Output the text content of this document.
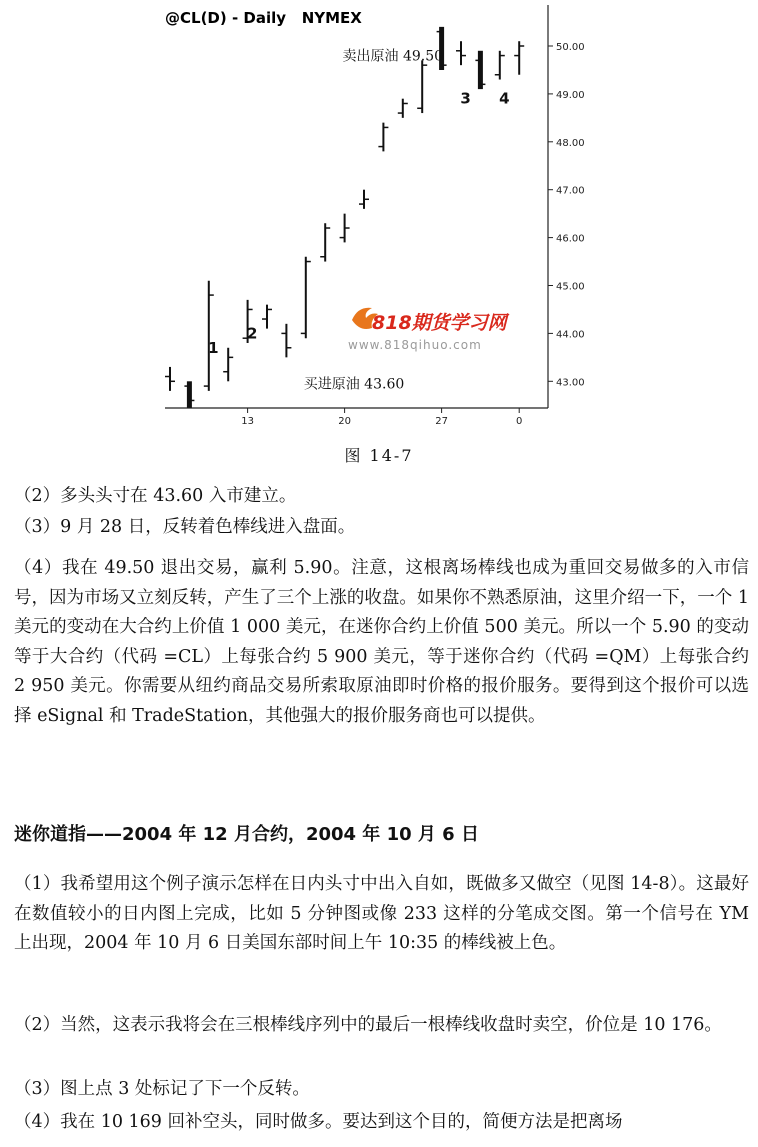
@CL(D) - Daily   NYMEX
50.00
49.00
48.00
47.00
46.00
45.00
44.00
43.00
13	20	27	0
卖出原油 49.50
买进原油 43.60
1
2
3 4
818期货学习网
www.818qihuo.com
图 14-7

（2）多头头寸在 43.60 入市建立。

（3）9 月 28 日，反转着色棒线进入盘面。

（4）我在 49.50 退出交易，赢利 5.90。注意，这根离场棒线也成为重回交易做多的入市信号，因为市场又立刻反转，产生了三个上涨的收盘。如果你不熟悉原油，这里介绍一下，一个 1 美元的变动在大合约上价值 1 000 美元，在迷你合约上价值 500 美元。所以一个 5.90 的变动等于大合约（代码 =CL）上每张合约 5 900 美元，等于迷你合约（代码 =QM）上每张合约 2 950 美元。你需要从纽约商品交易所索取原油即时价格的报价服务。要得到这个报价可以选择 eSignal 和 TradeStation，其他强大的报价服务商也可以提供。

迷你道指——2004 年 12 月合约，2004 年 10 月 6 日

（1）我希望用这个例子演示怎样在日内头寸中出入自如，既做多又做空（见图 14-8）。这最好在数值较小的日内图上完成，比如 5 分钟图或像 233 这样的分笔成交图。第一个信号在 YM 上出现，2004 年 10 月 6 日美国东部时间上午 10:35 的棒线被上色。

（2）当然，这表示我将会在三根棒线序列中的最后一根棒线收盘时卖空，价位是 10 176。

（3）图上点 3 处标记了下一个反转。

（4）我在 10 169 回补空头，同时做多。要达到这个目的，简便方法是把离场
